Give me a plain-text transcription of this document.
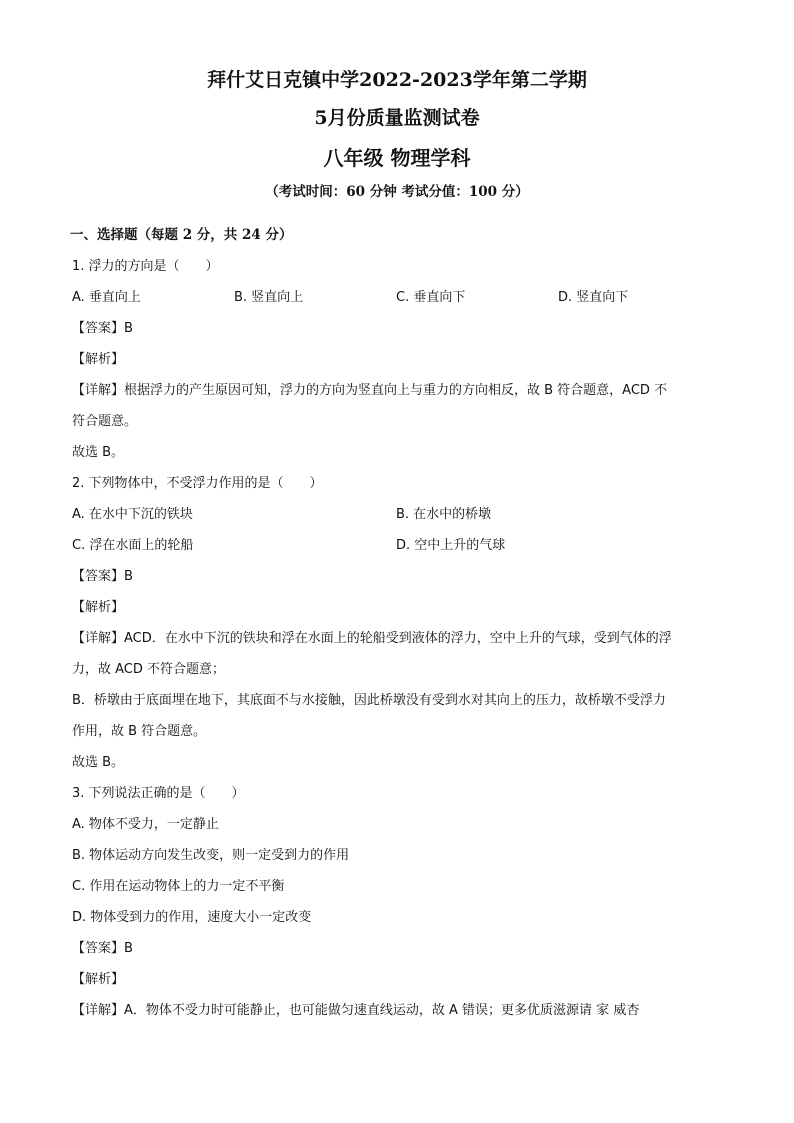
拜什艾日克镇中学2022-2023学年第二学期
5月份质量监测试卷
八年级 物理学科
（考试时间：60 分钟 考试分值：100 分）
一、选择题（每题 2 分，共 24 分）
1. 浮力的方向是（　　）
A. 垂直向上	B. 竖直向上	C. 垂直向下	D. 竖直向下
【答案】B
【解析】
【详解】根据浮力的产生原因可知，浮力的方向为竖直向上与重力的方向相反，故 B 符合题意，ACD 不
符合题意。
故选 B。
2. 下列物体中，不受浮力作用的是（　　）
A. 在水中下沉的铁块	B. 在水中的桥墩
C. 浮在水面上的轮船	D. 空中上升的气球
【答案】B
【解析】
【详解】ACD．在水中下沉的铁块和浮在水面上的轮船受到液体的浮力，空中上升的气球，受到气体的浮
力，故 ACD 不符合题意；
B．桥墩由于底面埋在地下，其底面不与水接触，因此桥墩没有受到水对其向上的压力，故桥墩不受浮力
作用，故 B 符合题意。
故选 B。
3. 下列说法正确的是（　　）
A. 物体不受力，一定静止
B. 物体运动方向发生改变，则一定受到力的作用
C. 作用在运动物体上的力一定不平衡
D. 物体受到力的作用，速度大小一定改变
【答案】B
【解析】
【详解】A．物体不受力时可能静止，也可能做匀速直线运动，故 A 错误；更多优质滋源请 家 威杏
